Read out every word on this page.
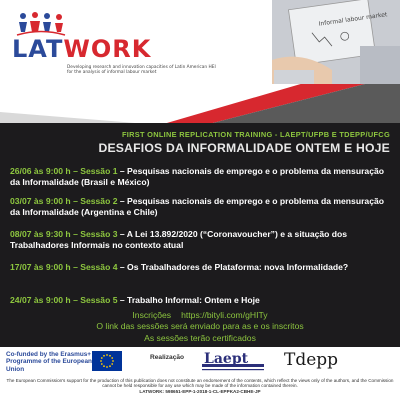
Informal labour market
LATWORK
Developing research and innovation capacities of Latin American HEI for the analysis of informal labour market
FIRST ONLINE REPLICATION TRAINING - LAEPT/UFPB E TDEPP/UFCG
DESAFIOS DA INFORMALIDADE ONTEM E HOJE
26/06 às 9:00 h – Sessão 1 – Pesquisas nacionais de emprego e o problema da mensuração da Informalidade (Brasil e México)
03/07 às 9:00 h – Sessão 2 – Pesquisas nacionais de emprego e o problema da mensuração da Informalidade (Argentina e Chile)
08/07 às 9:30 h – Sessão 3 – A Lei 13.892/2020 (“Coronavoucher”) e a situação dos Trabalhadores Informais no contexto atual
17/07 às 9:00 h – Sessão 4 – Os Trabalhadores de Plataforma: nova Informalidade?
24/07 às 9:00 h – Sessão 5 – Trabalho Informal: Ontem e Hoje
Inscrições https://bityli.com/gHITy
O link das sessões será enviado para as e os inscritos
As sessões terão certificados
Co-funded by the Erasmus+ Programme of the European Union
Realização Laept Tdepp
The European Commission's support for the production of this publication does not constitute an endorsement of the contents, which reflect the views only of the authors, and the Commission cannot be held responsible for any use which may be made of the information contained therein.
LATWORK: 598651-EPP-1-2018-1-CL-EPPKA2-CBHE-JP
